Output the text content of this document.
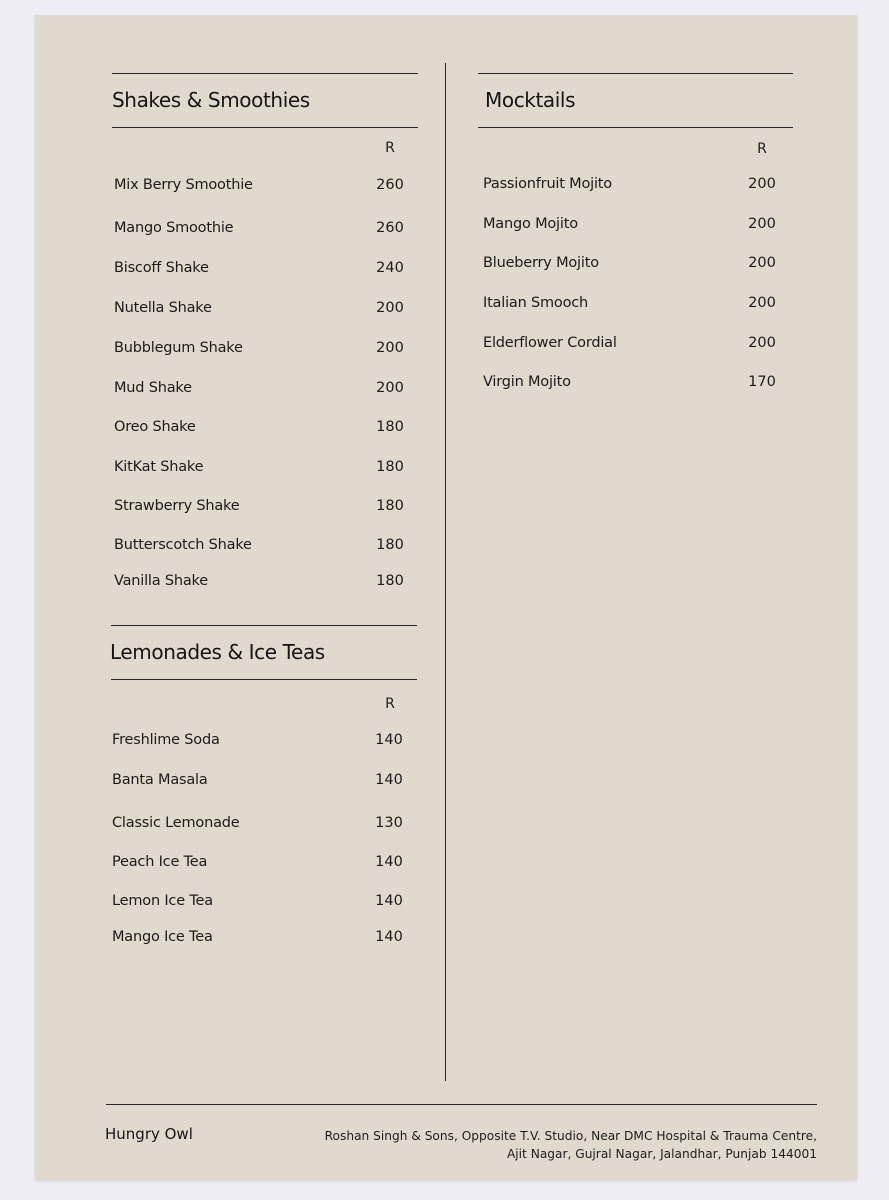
Shakes & Smoothies
R
Mix Berry Smoothie	260
Mango Smoothie	260
Biscoff Shake	240
Nutella Shake	200
Bubblegum Shake	200
Mud Shake	200
Oreo Shake	180
KitKat Shake	180
Strawberry Shake	180
Butterscotch Shake	180
Vanilla Shake	180
Lemonades & Ice Teas
R
Freshlime Soda	140
Banta Masala	140
Classic Lemonade	130
Peach Ice Tea	140
Lemon Ice Tea	140
Mango Ice Tea	140
Mocktails
R
Passionfruit Mojito	200
Mango Mojito	200
Blueberry Mojito	200
Italian Smooch	200
Elderflower Cordial	200
Virgin Mojito	170
Hungry Owl	Roshan Singh & Sons, Opposite T.V. Studio, Near DMC Hospital & Trauma Centre,
Ajit Nagar, Gujral Nagar, Jalandhar, Punjab 144001
